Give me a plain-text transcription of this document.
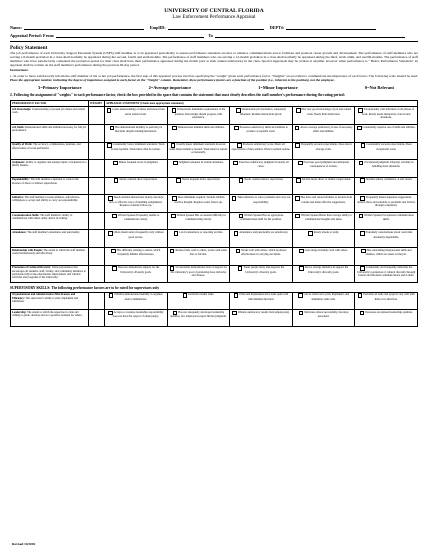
UNIVERSITY OF CENTRAL FLORIDA
Law Enforcement Performance Appraisal
Name:	EmplID:	DEPT#:
Appraisal Period: From:	To
Policy Statement
The job performance of each University Support Personnel System (USPS) staff member is to be appraised periodically to ensure performance standards are met, to enhance communications and to facilitate and promote career growth and development. The performance of staff members who are serving a 6-month probation in a class shall normally be appraised during the second, fourth and sixth months. The performance of staff members who are serving a 12-month probation in a class shall normally be appraised during the third, sixth, ninth, and twelfth months. The performance of staff members who have satisfactorily completed the probation period for their class shall have their performance appraised during the month prior to their annual anniversary in the class. Special Appraisals may be written at anytime, however when performance is " Below Performance Standards" an appraisal shall be written on the staff member's performance during the previous 60-day period.
Instructions:
1. In order to more satisfactorily inform the staff member of his or her job performance, the first step of this appraisal process involves specifying the "weight" given each performance factor. "Weights" are provided to communicate the importance of each factor. The following scale should be used. Place the appropriate number, indicating the degree of importance assigned to each factor, in the "Weight" column. Remember, these performance factors are a function of the position (i.e., inherent to the position), not the employee.
3=Primary Importance	2=Average importance	1=Minor Importance	0=Not Relevant
2. Following the assignment of "weights" to each performance factor, check the box provided in the space that contains the statement that most clearly describes the staff member's performance during the rating period:
PERFORMANCE FACTOR	WEIGHT	APPRAISAL STATEMENT (Check most appropriate statement)				
Job Knowledge: Understanding of present job duties and related work.		Lacks understanding of duties and knows little about related work.	Understands minimum requirements of the position. Knowledge should progress with experience.	Understands job mechanics; adequately informed. Routine instructions given.	Has very good knowledge of job and related work. Needs little instruction.	Exceptionally well informed on all phases of work. Rarely needs instruction, even in new situations.
Job Skills: Demonstrated skills and abilities necessary for full job performance.		Has demonstrated inability to perform job functions despite training/instruction.	Demonstrates minimal skills and abilities.	Possesses satisfactory skills and abilities to produce acceptable work.	Above average proficiency in use of necessary skills and abilities.	Consistently superior use of skills and abilities.
Quality of Work: The accuracy, completeness, neatness, and effectiveness of work performed.		Consistently below minimum standards. Work is unacceptable. Work must often be redone.	Usually meets minimum standards however, some improvement is needed. Work must be redone occasionally.	Produces satisfactory work. Meets all expectations of the position. Work is seldom redone.	Frequently exceeds expectations. Does above average work.	Consistently exceeds expectations. Does exceptional work.
Judgment: Ability to organize and analyze input; conclusions in a timely manner.		Makes frequent errors in judgment.	Judgment adequate in routine situations.	Exercises satisfactory judgment in nearly all cases.	Exercises good judgment and anticipates consequences of actions.	Exceptional judgment. Displays certainty in handling most situations.
Dependability: The staff member's attention to work in the absence of direct or indirect supervision.		Needs constant direct supervision.	Needs frequent direct supervision.	Needs routine indirect supervision.	Seldom needs direct or indirect supervision.	Justifies utmost confidence. A self starter.
Initiative: The staff member's resourcefulness, self-reliance, willingness to accept and ability to carry out responsibility.		Needs detailed instructions. Rarely develops new or effective ways of handling assignments. Requires constant follow-up.	Does minimum required. Seldom exhibits creative thought. Requires some follow-up.	Takes initiative to solve problems and carry out responsibility.	Has drive and resourcefulness to deviate from routine and make effective suggestions.	Frequently makes ingenious suggestions, devises ideas and solutions to problems and follows through completely.
Communication Skills: The staff member's ability to communicate with others orally and/or in writing.		Written Spoken Frequently unable to communicate clearly.	Written Spoken Has occasional difficulty in communicating clearly.	Written Spoken Has an appropriate communication skill for the position.	Written Spoken Better than average ability to communicate thoughts and ideas.	Written Spoken Exceptional communication skills.
Attendance: The staff member's attendance and punctuality.		Often absent and/or frequently tardy without good excuse.	Lax in attendance or reporting on time.	Attendance and punctuality are satisfactory.	Rarely absent or tardy.	Extremely conscientious about work time absolutely dependable.
Relationship with People: The extent to which the staff member works harmoniously and effectively.		Has difficulty relating to others, which frequently inhibits effectiveness.	Relates fairly well to others, works with some bias or friction.	Works well with others, which promotes effectiveness in carrying out duties.	Gets along extremely well with others.	Has outstanding interpersonal skills and abilities, which are assets on the job.
Promotion of Cultural Diversity: Work performance that encourages all students, staff, faculty, and community members to participate fully in the educational, employment, and cultural activities and programs of the University.		Does not demonstrate support for the University's diversity goals.	Occasionally demonstrates lack of support for the University's goal of promoting more inclusive and diverse.	Treats people fairly and supports the University's diversity goals.	Above average initiative in support the University's diversity goals.	Consistently and frequently embodies the University's promotion of cultural diversity through formal and informal communications and actions.
SUPERVISORY SKILLS: The following performance factors are to be rated for supervisors only
Organizational and Administrative Effectiveness and Efficiency: The supervisor's ability to plan, implement and administer.		Exhibits demonstrated inability to organize and/or administrate.	Performs routine tasks.	Plans and implements most tasks quite well with minimal direction.	Can be relied on to plan, implement, and administer tasks well.	Performs all tasks and projects very well with little or no direction.
Leadership: The extent to which the supervisor is able and willing to guide, develop and set a positive example for others.		Accepts or requires leadership responsibility does not have the respect of employee(s).	Has not adequately developed leadership qualities, few employees respect his/her judgment.	Obtains satisfactory results from employee(s).	Motivates others successfully, develops personnel.	Possesses exceptional leadership qualities.
Revised 10/2002
